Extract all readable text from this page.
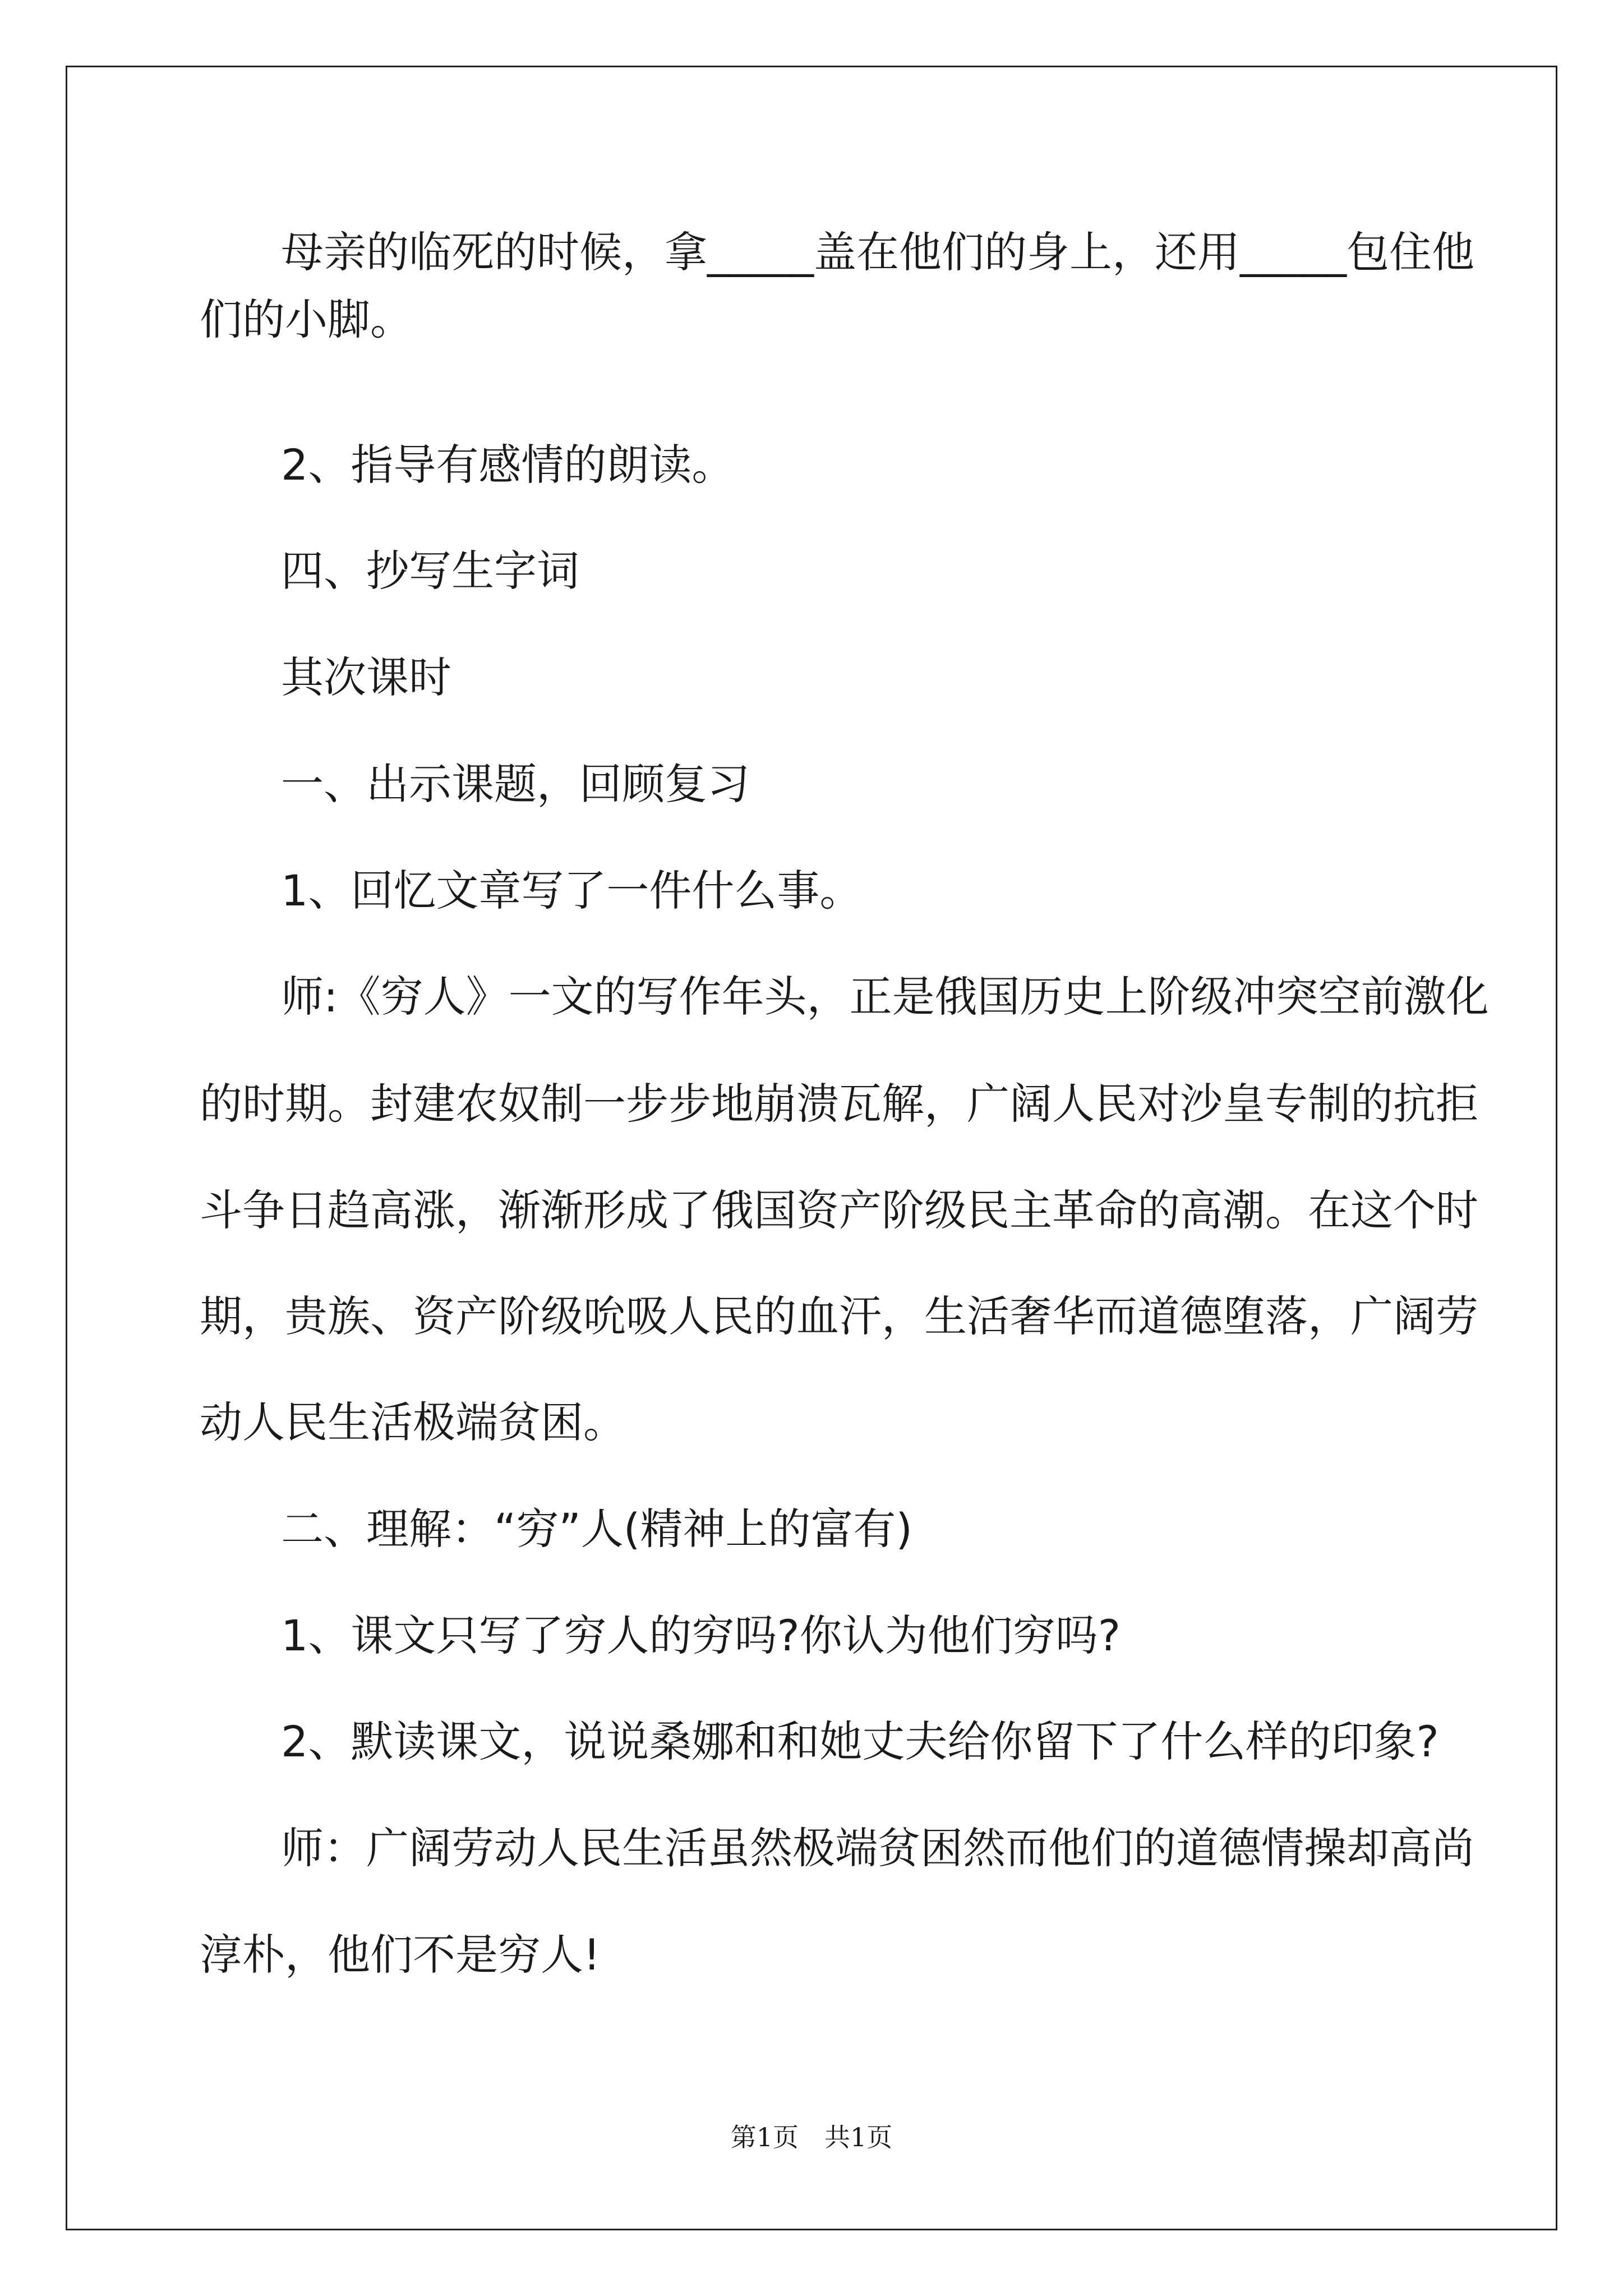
母亲的临死的时候，拿_____盖在他们的身上，还用_____包住他
们的小脚。
2、指导有感情的朗读。
四、抄写生字词
其次课时
一、出示课题，回顾复习
1、回忆文章写了一件什么事。
师:《穷人》一文的写作年头，正是俄国历史上阶级冲突空前激化
的时期。封建农奴制一步步地崩溃瓦解，广阔人民对沙皇专制的抗拒
斗争日趋高涨，渐渐形成了俄国资产阶级民主革命的高潮。在这个时
期，贵族、资产阶级吮吸人民的血汗，生活奢华而道德堕落，广阔劳
动人民生活极端贫困。
二、理解：“穷”人(精神上的富有)
1、课文只写了穷人的穷吗?你认为他们穷吗?
2、默读课文，说说桑娜和和她丈夫给你留下了什么样的印象?
师：广阔劳动人民生活虽然极端贫困然而他们的道德情操却高尚
淳朴，他们不是穷人!
第1页　共1页
